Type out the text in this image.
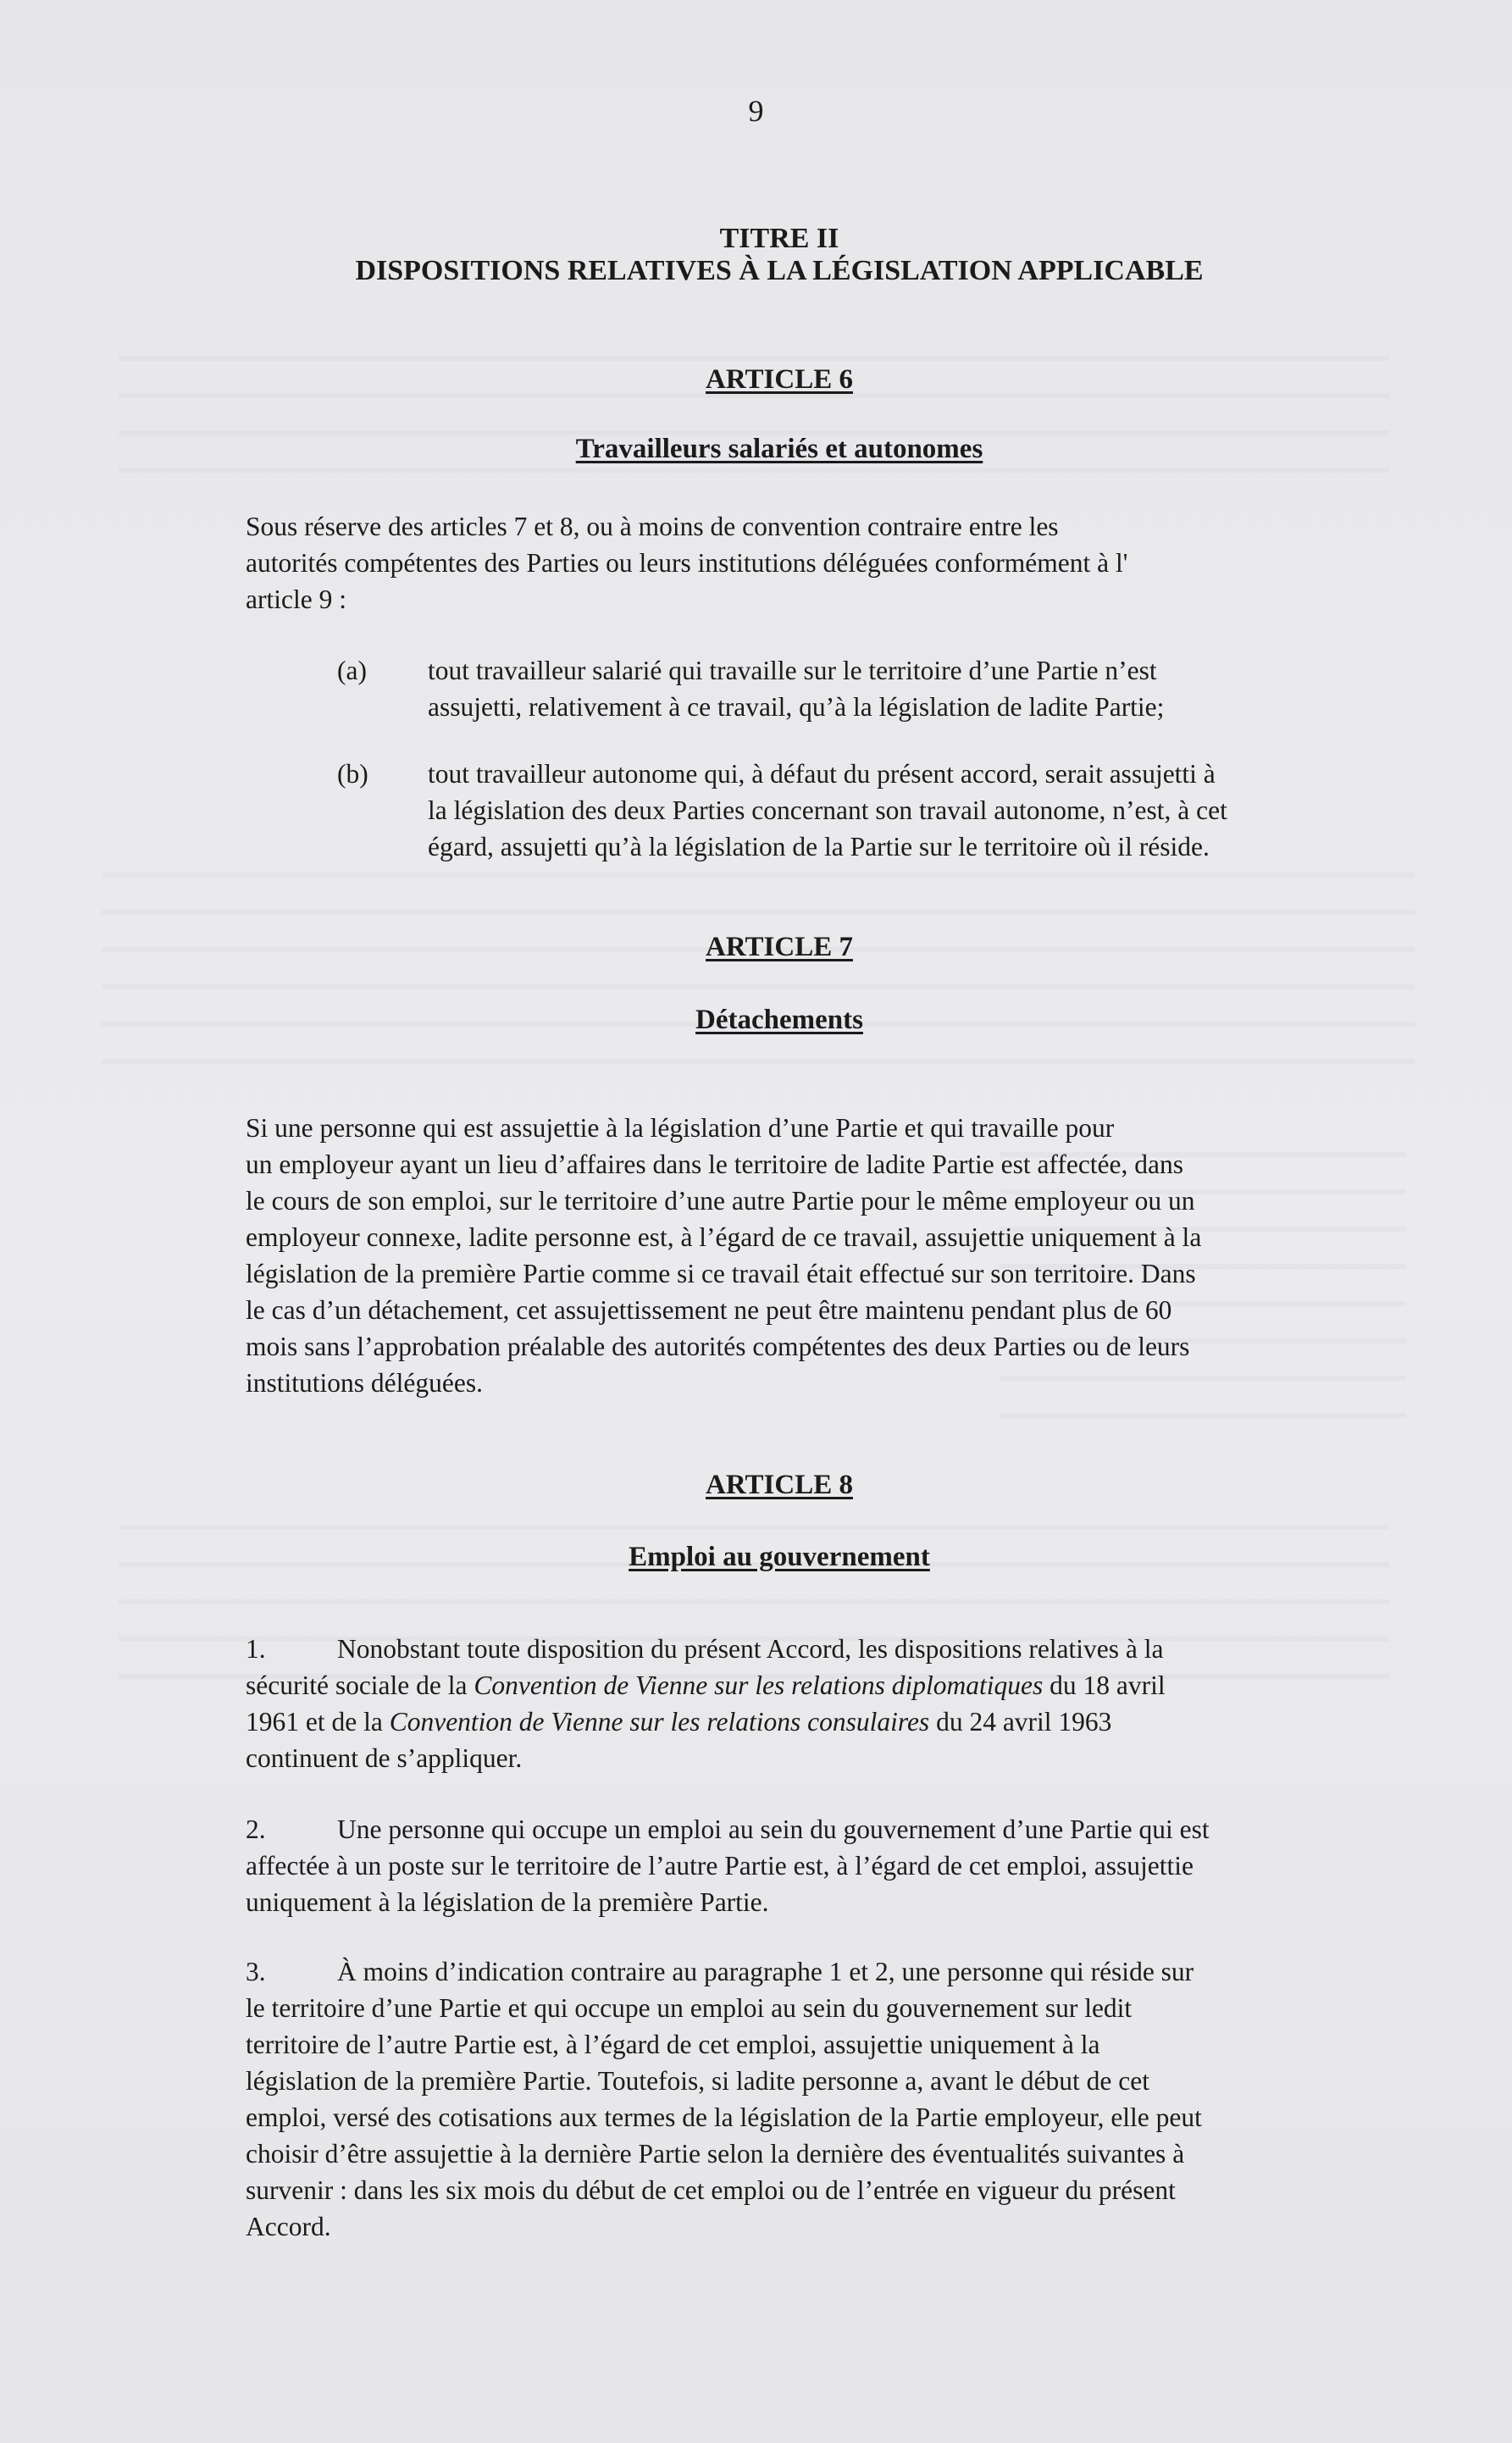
9
TITRE II
DISPOSITIONS RELATIVES À LA LÉGISLATION APPLICABLE
ARTICLE 6
Travailleurs salariés et autonomes
Sous réserve des articles 7 et 8, ou à moins de convention contraire entre les
autorités compétentes des Parties ou leurs institutions déléguées conformément à l'
article 9 :
(a) tout travailleur salarié qui travaille sur le territoire d’une Partie n’est
assujetti, relativement à ce travail, qu’à la législation de ladite Partie;
(b) tout travailleur autonome qui, à défaut du présent accord, serait assujetti à
la législation des deux Parties concernant son travail autonome, n’est, à cet
égard, assujetti qu’à la législation de la Partie sur le territoire où il réside.
ARTICLE 7
Détachements
Si une personne qui est assujettie à la législation d’une Partie et qui travaille pour
un employeur ayant un lieu d’affaires dans le territoire de ladite Partie est affectée, dans
le cours de son emploi, sur le territoire d’une autre Partie pour le même employeur ou un
employeur connexe, ladite personne est, à l’égard de ce travail, assujettie uniquement à la
législation de la première Partie comme si ce travail était effectué sur son territoire. Dans
le cas d’un détachement, cet assujettissement ne peut être maintenu pendant plus de 60
mois sans l’approbation préalable des autorités compétentes des deux Parties ou de leurs
institutions déléguées.
ARTICLE 8
Emploi au gouvernement
1.	Nonobstant toute disposition du présent Accord, les dispositions relatives à la
sécurité sociale de la Convention de Vienne sur les relations diplomatiques du 18 avril
1961 et de la Convention de Vienne sur les relations consulaires du 24 avril 1963
continuent de s’appliquer.
2.	Une personne qui occupe un emploi au sein du gouvernement d’une Partie qui est
affectée à un poste sur le territoire de l’autre Partie est, à l’égard de cet emploi, assujettie
uniquement à la législation de la première Partie.
3.	À moins d’indication contraire au paragraphe 1 et 2, une personne qui réside sur
le territoire d’une Partie et qui occupe un emploi au sein du gouvernement sur ledit
territoire de l’autre Partie est, à l’égard de cet emploi, assujettie uniquement à la
législation de la première Partie. Toutefois, si ladite personne a, avant le début de cet
emploi, versé des cotisations aux termes de la législation de la Partie employeur, elle peut
choisir d’être assujettie à la dernière Partie selon la dernière des éventualités suivantes à
survenir : dans les six mois du début de cet emploi ou de l’entrée en vigueur du présent
Accord.
